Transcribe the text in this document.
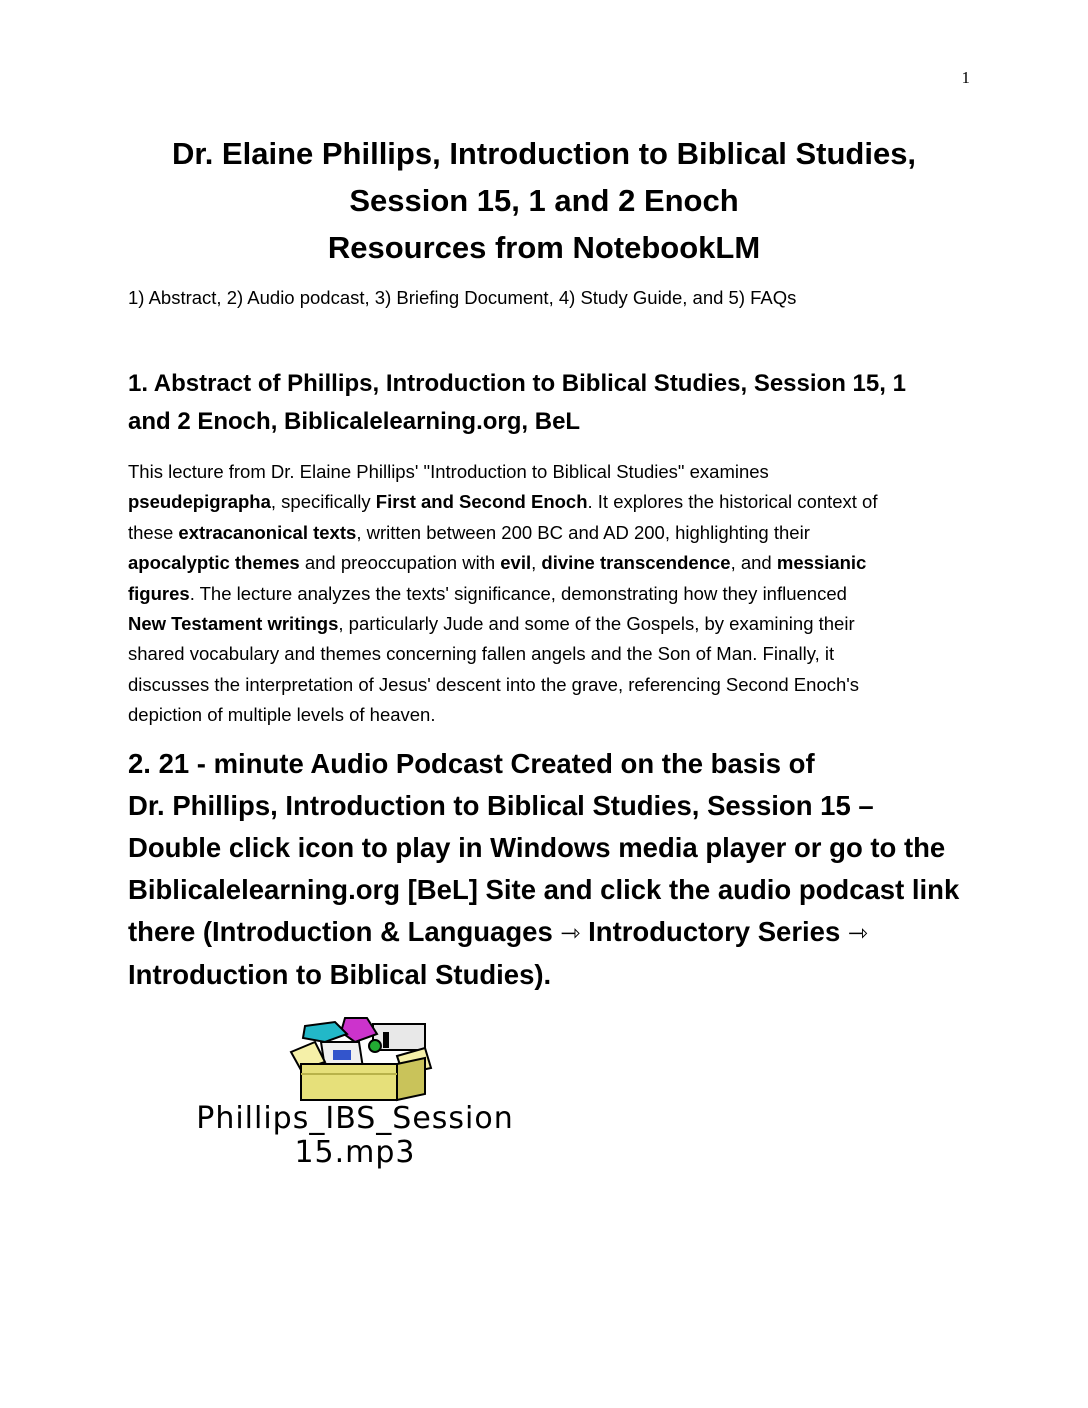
1
Dr. Elaine Phillips, Introduction to Biblical Studies,
Session 15, 1 and 2 Enoch
Resources from NotebookLM
1) Abstract, 2) Audio podcast, 3) Briefing Document, 4) Study Guide, and 5) FAQs
1. Abstract of Phillips, Introduction to Biblical Studies, Session 15, 1
and 2 Enoch, Biblicalelearning.org, BeL
This lecture from Dr. Elaine Phillips' "Introduction to Biblical Studies" examines
pseudepigrapha, specifically First and Second Enoch. It explores the historical context of
these extracanonical texts, written between 200 BC and AD 200, highlighting their
apocalyptic themes and preoccupation with evil, divine transcendence, and messianic
figures. The lecture analyzes the texts' significance, demonstrating how they influenced
New Testament writings, particularly Jude and some of the Gospels, by examining their
shared vocabulary and themes concerning fallen angels and the Son of Man. Finally, it
discusses the interpretation of Jesus' descent into the grave, referencing Second Enoch's
depiction of multiple levels of heaven.
2. 21 - minute Audio Podcast Created on the basis of
Dr. Phillips, Introduction to Biblical Studies, Session 15 –
Double click icon to play in Windows media player or go to the
Biblicalelearning.org [BeL] Site and click the audio podcast link
there (Introduction & Languages ⇾ Introductory Series ⇾
Introduction to Biblical Studies).
Phillips_IBS_Session
15.mp3
